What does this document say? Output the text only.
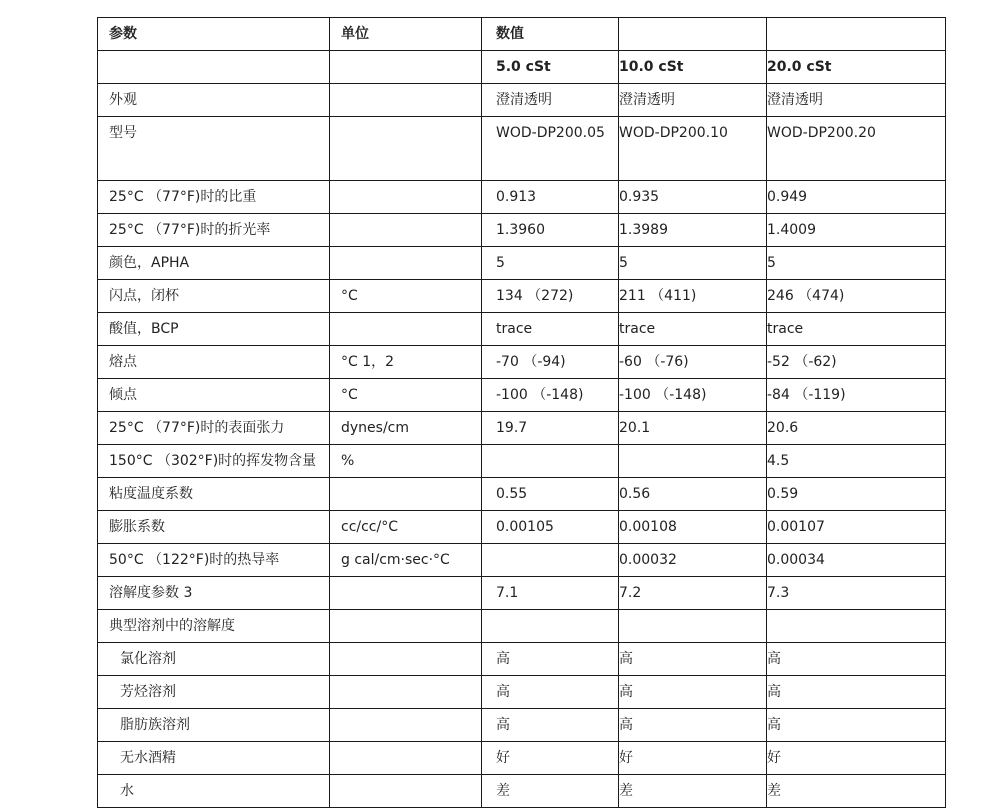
参数	单位	数值		
		5.0 cSt	10.0 cSt	20.0 cSt
外观		澄清透明	澄清透明	澄清透明
型号		WOD-DP200.05	WOD-DP200.10	WOD-DP200.20
25°C （77°F)时的比重		0.913	0.935	0.949
25°C （77°F)时的折光率		1.3960	1.3989	1.4009
颜色，APHA		5	5	5
闪点，闭杯	°C	134 （272)	211 （411)	246 （474)
酸值，BCP		trace	trace	trace
熔点	°C 1，2	-70 （-94)	-60 （-76)	-52 （-62)
倾点	°C	-100 （-148)	-100 （-148)	-84 （-119)
25°C （77°F)时的表面张力	dynes/cm	19.7	20.1	20.6
150°C （302°F)时的挥发物含量	%			4.5
粘度温度系数		0.55	0.56	0.59
膨胀系数	cc/cc/°C	0.00105	0.00108	0.00107
50°C （122°F)时的热导率	g cal/cm·sec·°C		0.00032	0.00034
溶解度参数 3		7.1	7.2	7.3
典型溶剂中的溶解度				
氯化溶剂		高	高	高
芳烃溶剂		高	高	高
脂肪族溶剂		高	高	高
无水酒精		好	好	好
水		差	差	差
